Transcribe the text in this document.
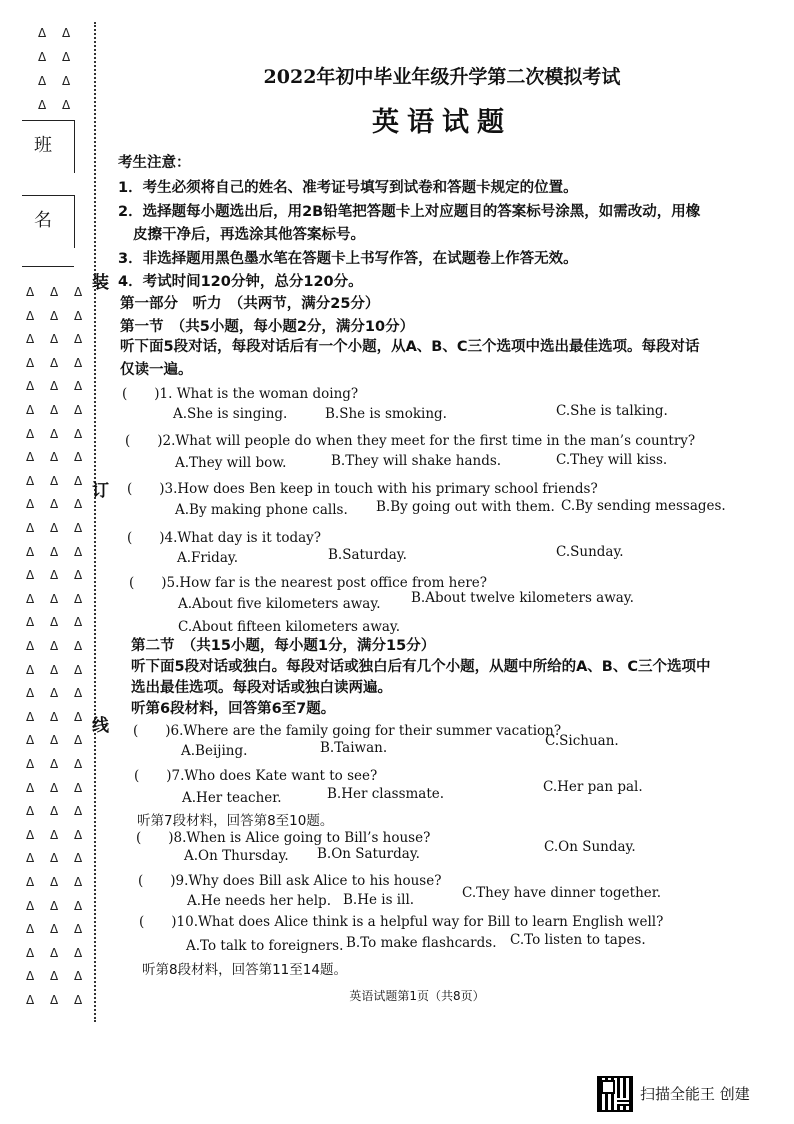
Δ Δ
Δ Δ
Δ Δ
Δ Δ
班
名
Δ Δ Δ
Δ Δ Δ
Δ Δ Δ
Δ Δ Δ
Δ Δ Δ
Δ Δ Δ
Δ Δ Δ
Δ Δ Δ
Δ Δ Δ
Δ Δ Δ
Δ Δ Δ
Δ Δ Δ
Δ Δ Δ
Δ Δ Δ
Δ Δ Δ
Δ Δ Δ
Δ Δ Δ
Δ Δ Δ
Δ Δ Δ
Δ Δ Δ
Δ Δ Δ
Δ Δ Δ
Δ Δ Δ
Δ Δ Δ
Δ Δ Δ
Δ Δ Δ
Δ Δ Δ
Δ Δ Δ
Δ Δ Δ
Δ Δ Δ
Δ Δ Δ
装
订
线
2022年初中毕业年级升学第二次模拟考试
英语试题
考生注意：
1．考生必须将自己的姓名、准考证号填写到试卷和答题卡规定的位置。
2．选择题每小题选出后，用2B铅笔把答题卡上对应题目的答案标号涂黑，如需改动，用橡
皮擦干净后，再选涂其他答案标号。
3．非选择题用黑色墨水笔在答题卡上书写作答，在试题卷上作答无效。
4．考试时间120分钟，总分120分。
第一部分　听力　（共两节，满分25分）
第一节　（共5小题，每小题2分，满分10分）
听下面5段对话，每段对话后有一个小题，从A、B、C三个选项中选出最佳选项。每段对话
仅读一遍。
(　　)1. What is the woman doing?
A.She is singing.	B.She is smoking.	C.She is talking.
(　　)2.What will people do when they meet for the first time in the man’s country?
A.They will bow.	B.They will shake hands.	C.They will kiss.
(　　)3.How does Ben keep in touch with his primary school friends?
A.By making phone calls. B.By going out with them. C.By sending messages.
(　　)4.What day is it today?
A.Friday.	B.Saturday.	C.Sunday.
(　　)5.How far is the nearest post office from here?
A.About five kilometers away. B.About twelve kilometers away.
C.About fifteen kilometers away.
第二节　（共15小题，每小题1分，满分15分）
听下面5段对话或独白。每段对话或独白后有几个小题，从题中所给的A、B、C三个选项中
选出最佳选项。每段对话或独白读两遍。
听第6段材料，回答第6至7题。
(　　)6.Where are the family going for their summer vacation?
A.Beijing.	B.Taiwan.	C.Sichuan.
(　　)7.Who does Kate want to see?
A.Her teacher.	B.Her classmate.	C.Her pan pal.
听第7段材料，回答第8至10题。
(　　)8.When is Alice going to Bill’s house?
A.On Thursday. B.On Saturday.	C.On Sunday.
(　　)9.Why does Bill ask Alice to his house?
A.He needs her help. B.He is ill.	C.They have dinner together.
(　　)10.What does Alice think is a helpful way for Bill to learn English well?
A.To talk to foreigners. B.To make flashcards. C.To listen to tapes.
听第8段材料，回答第11至14题。
英语试题第1页（共8页）
扫描全能王 创建
